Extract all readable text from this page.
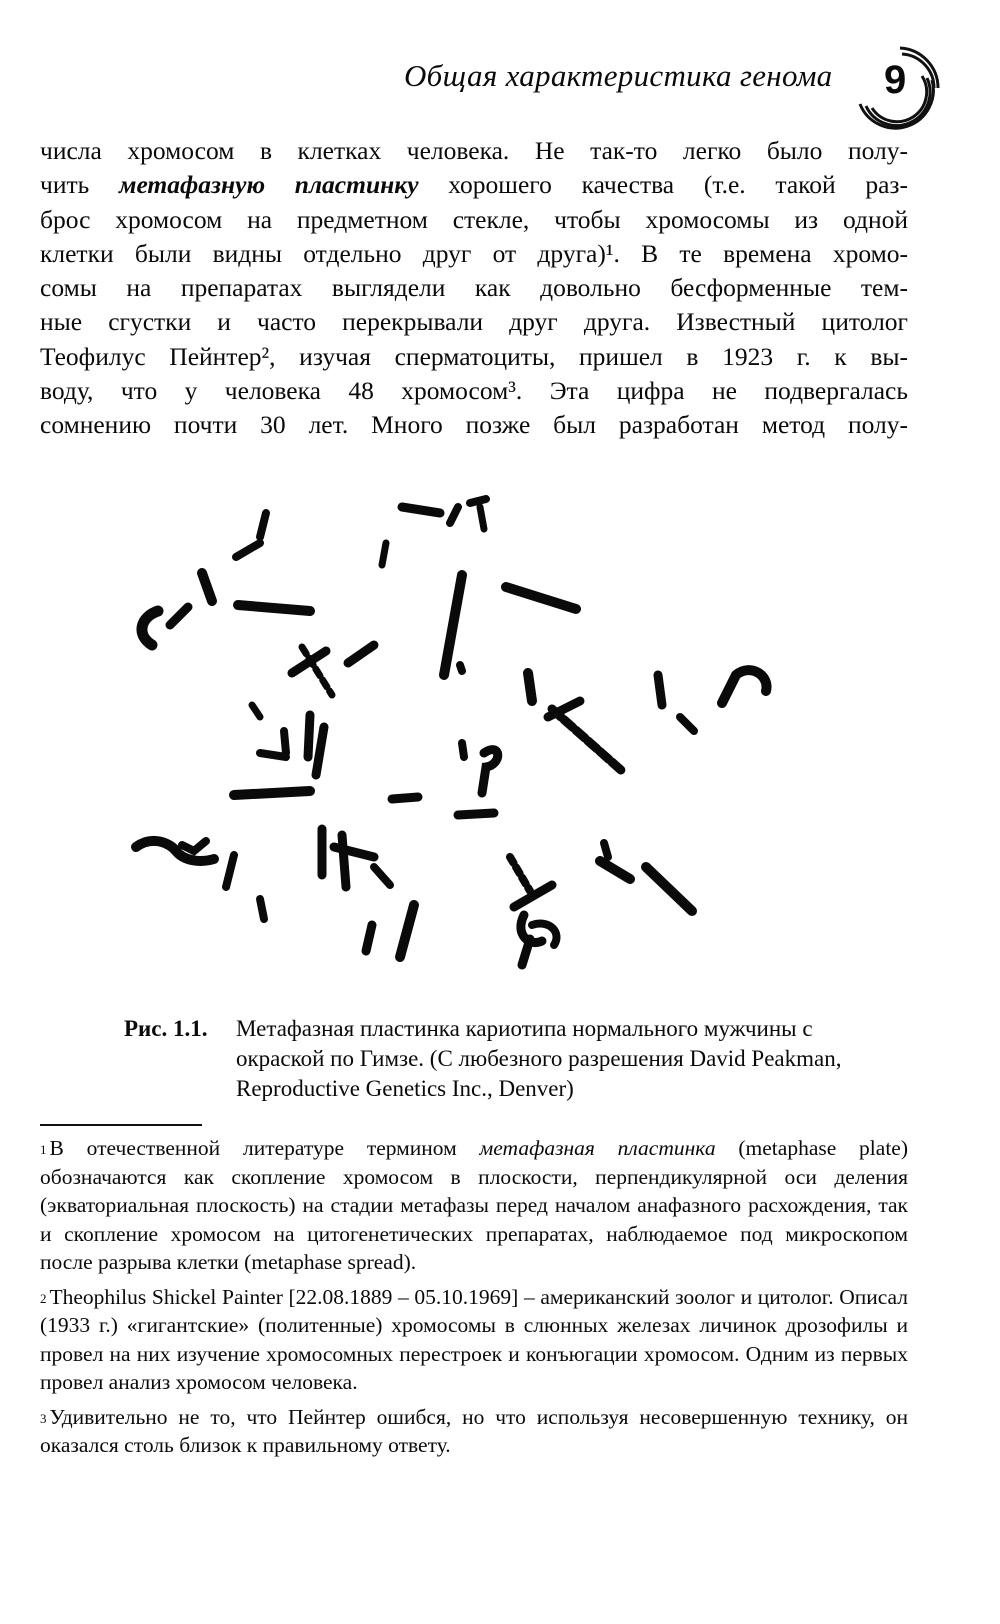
Общая характеристика генома 9
числа хромосом в клетках человека. Не так-то легко было полу-
чить метафазную пластинку хорошего качества (т.е. такой раз-
брос хромосом на предметном стекле, чтобы хромосомы из одной
клетки были видны отдельно друг от друга)¹. В те времена хромо-
сомы на препаратах выглядели как довольно бесформенные тем-
ные сгустки и часто перекрывали друг друга. Известный цитолог
Теофилус Пейнтер², изучая сперматоциты, пришел в 1923 г. к вы-
воду, что у человека 48 хромосом³. Эта цифра не подвергалась
сомнению почти 30 лет. Много позже был разработан метод полу-
Рис. 1.1.	Метафазная пластинка кариотипа нормального мужчины с окраской по Гимзе. (С любезного разрешения David Peakman, Reproductive Genetics Inc., Denver)
$^1$ В отечественной литературе термином метафазная пластинка (metaphase plate) обозначаются как скопление хромосом в плоскости, перпендикулярной оси деления (экваториальная плоскость) на стадии метафазы перед началом анафазного расхождения, так и скопление хромосом на цитогенетических препаратах, наблюдаемое под микроскопом после разрыва клетки (metaphase spread).
$^2$ Theophilus Shickel Painter [22.08.1889 – 05.10.1969] – американский зоолог и цитолог. Описал (1933 г.) «гигантские» (политенные) хромосомы в слюнных железах личинок дрозофилы и провел на них изучение хромосомных перестроек и конъюгации хромосом. Одним из первых провел анализ хромосом человека.
$^3$ Удивительно не то, что Пейнтер ошибся, но что используя несовершенную технику, он оказался столь близок к правильному ответу.
